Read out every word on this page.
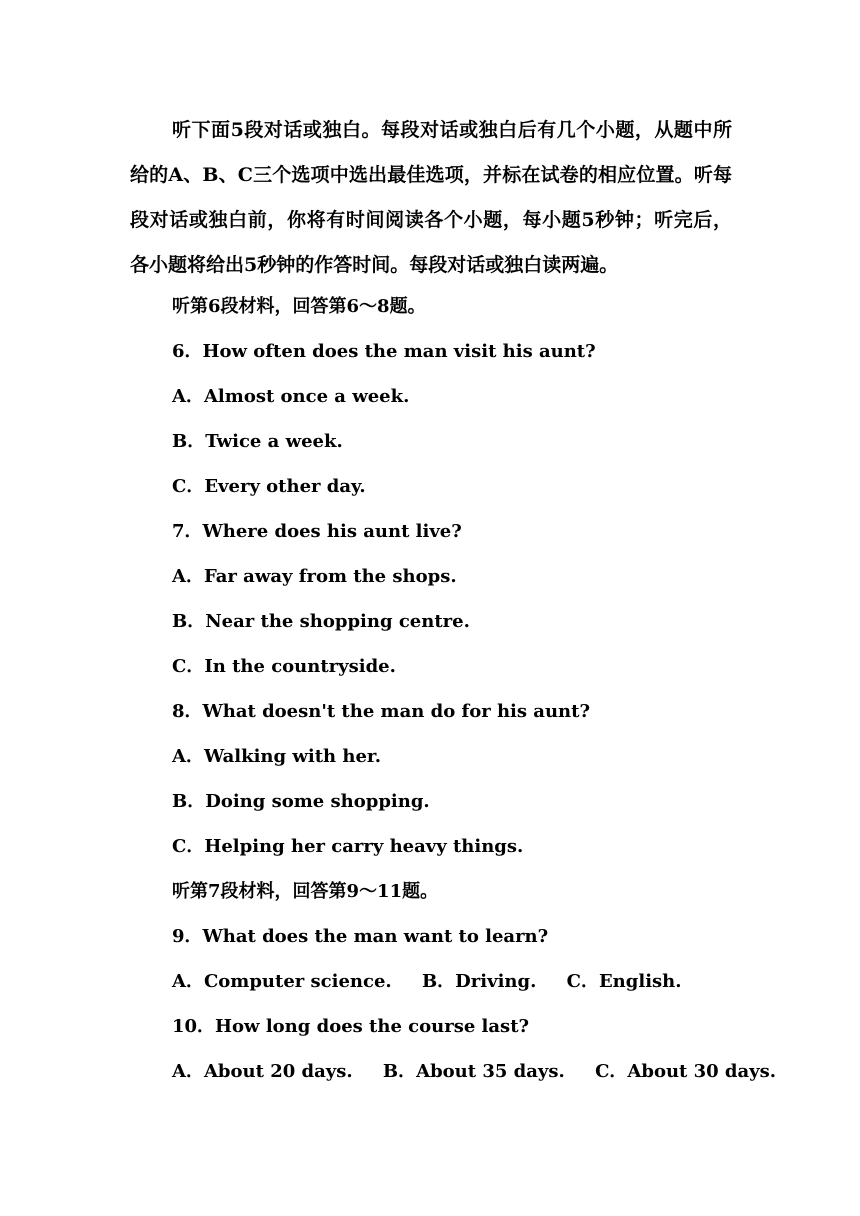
听下面5段对话或独白。每段对话或独白后有几个小题，从题中所给的A、B、C三个选项中选出最佳选项，并标在试卷的相应位置。听每段对话或独白前，你将有时间阅读各个小题，每小题5秒钟；听完后，各小题将给出5秒钟的作答时间。每段对话或独白读两遍。

听第6段材料，回答第6～8题。

6．How often does the man visit his aunt?

A．Almost once a week.

B．Twice a week.

C．Every other day.

7．Where does his aunt live?

A．Far away from the shops.

B．Near the shopping centre.

C．In the countryside.

8．What doesn't the man do for his aunt?

A．Walking with her.

B．Doing some shopping.

C．Helping her carry heavy things.

听第7段材料，回答第9～11题。

9．What does the man want to learn?

A．Computer science. B．Driving. C．English.

10．How long does the course last?

A．About 20 days. B．About 35 days. C．About 30 days.
